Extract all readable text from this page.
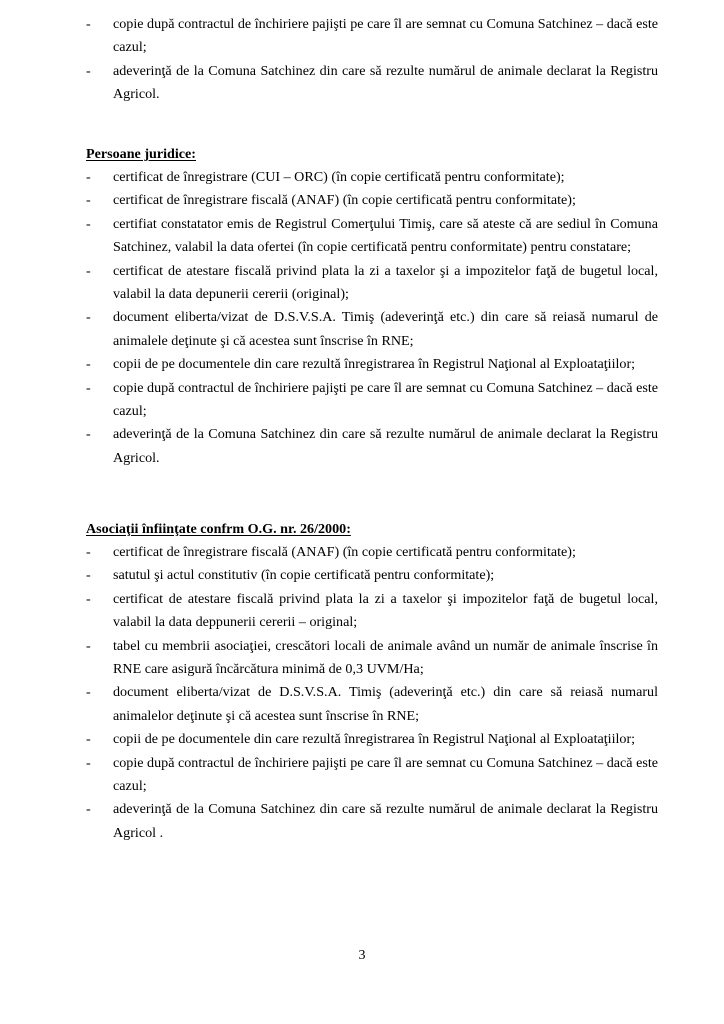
- copie după contractul de închiriere pajişti pe care îl are semnat cu Comuna Satchinez – dacă este cazul;
- adeverinţă de la Comuna Satchinez din care să rezulte numărul de animale declarat la Registru Agricol.
Persoane juridice:
- certificat de înregistrare (CUI – ORC) (în copie certificată pentru conformitate);
- certificat de înregistrare fiscală (ANAF) (în copie certificată pentru conformitate);
- certifiat constatator emis de Registrul Comerţului Timiş, care să ateste că are sediul în Comuna Satchinez, valabil la data ofertei (în copie certificată pentru conformitate) pentru constatare;
- certificat de atestare fiscală privind plata la zi a taxelor şi a impozitelor faţă de bugetul local, valabil la data depunerii cererii (original);
- document eliberta/vizat de D.S.V.S.A. Timiş (adeverinţă etc.) din care să reiasă numarul de animalele deţinute şi că acestea sunt înscrise în RNE;
- copii de pe documentele din care rezultă înregistrarea în Registrul Naţional al Exploataţiilor;
- copie după contractul de închiriere pajişti pe care îl are semnat cu Comuna Satchinez – dacă este cazul;
- adeverinţă de la Comuna Satchinez din care să rezulte numărul de animale declarat la Registru Agricol.
Asociaţii înfiinţate confrm O.G. nr. 26/2000:
- certificat de înregistrare fiscală (ANAF) (în copie certificată pentru conformitate);
- satutul şi actul constitutiv (în copie certificată pentru conformitate);
- certificat de atestare fiscală privind plata la zi a taxelor şi impozitelor faţă de bugetul local, valabil la data deppunerii cererii – original;
- tabel cu membrii asociaţiei, crescători locali de animale având un număr de animale înscrise în RNE care asigură încărcătura minimă de 0,3 UVM/Ha;
- document eliberta/vizat de D.S.V.S.A. Timiş (adeverinţă etc.) din care să reiasă numarul animalelor deţinute şi că acestea sunt înscrise în RNE;
- copii de pe documentele din care rezultă înregistrarea în Registrul Naţional al Exploataţiilor;
- copie după contractul de închiriere pajişti pe care îl are semnat cu Comuna Satchinez – dacă este cazul;
- adeverinţă de la Comuna Satchinez din care să rezulte numărul de animale declarat la Registru Agricol .
3
